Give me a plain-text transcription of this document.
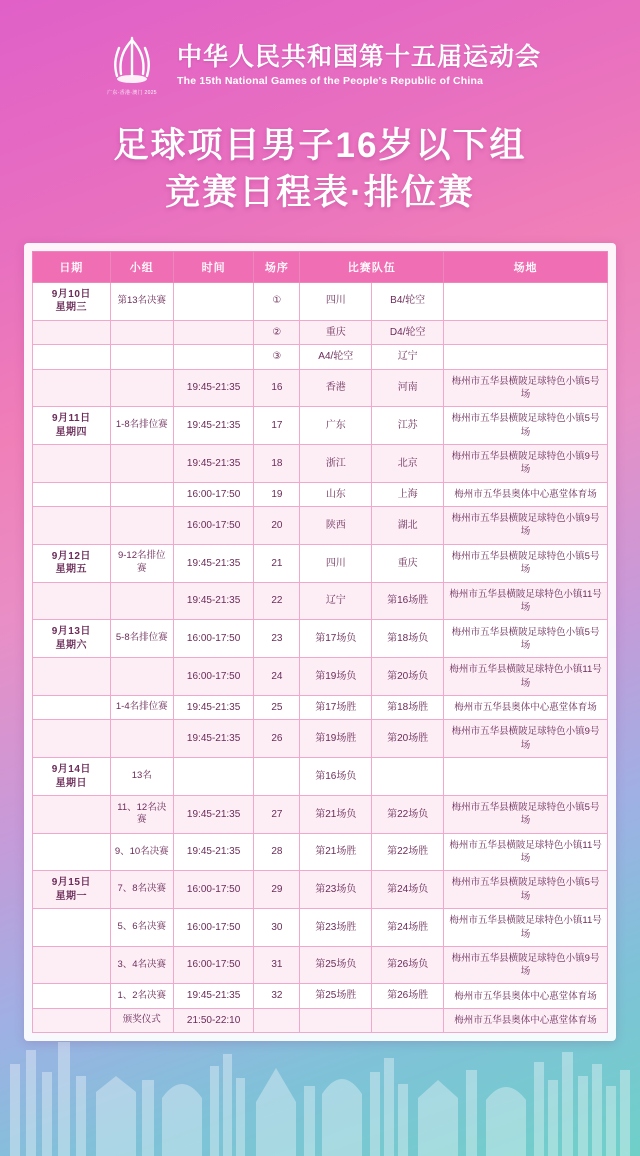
广东·香港·澳门 2025
中华人民共和国第十五届运动会
The 15th National Games of the People's Republic of China
足球项目男子16岁以下组
竞赛日程表·排位赛
日期	小组	时间	场序	比赛队伍		场地
9月10日
星期三	第13名决赛		①	四川	B4/轮空	
			②	重庆	D4/轮空	
			③	A4/轮空	辽宁	
		19:45-21:35	16	香港	河南	梅州市五华县横陂足球特色小镇5号场
9月11日
星期四	1-8名排位赛	19:45-21:35	17	广东	江苏	梅州市五华县横陂足球特色小镇5号场
		19:45-21:35	18	浙江	北京	梅州市五华县横陂足球特色小镇9号场
		16:00-17:50	19	山东	上海	梅州市五华县奥体中心惠堂体育场
		16:00-17:50	20	陕西	湖北	梅州市五华县横陂足球特色小镇9号场
9月12日
星期五	9-12名排位赛	19:45-21:35	21	四川	重庆	梅州市五华县横陂足球特色小镇5号场
		19:45-21:35	22	辽宁	第16场胜	梅州市五华县横陂足球特色小镇11号场
9月13日
星期六	5-8名排位赛	16:00-17:50	23	第17场负	第18场负	梅州市五华县横陂足球特色小镇5号场
		16:00-17:50	24	第19场负	第20场负	梅州市五华县横陂足球特色小镇11号场
	1-4名排位赛	19:45-21:35	25	第17场胜	第18场胜	梅州市五华县奥体中心惠堂体育场
		19:45-21:35	26	第19场胜	第20场胜	梅州市五华县横陂足球特色小镇9号场
9月14日
星期日	13名			第16场负		
	11、12名决赛	19:45-21:35	27	第21场负	第22场负	梅州市五华县横陂足球特色小镇5号场
	9、10名决赛	19:45-21:35	28	第21场胜	第22场胜	梅州市五华县横陂足球特色小镇11号场
9月15日
星期一	7、8名决赛	16:00-17:50	29	第23场负	第24场负	梅州市五华县横陂足球特色小镇5号场
	5、6名决赛	16:00-17:50	30	第23场胜	第24场胜	梅州市五华县横陂足球特色小镇11号场
	3、4名决赛	16:00-17:50	31	第25场负	第26场负	梅州市五华县横陂足球特色小镇9号场
	1、2名决赛	19:45-21:35	32	第25场胜	第26场胜	梅州市五华县奥体中心惠堂体育场
	颁奖仪式	21:50-22:10				梅州市五华县奥体中心惠堂体育场
